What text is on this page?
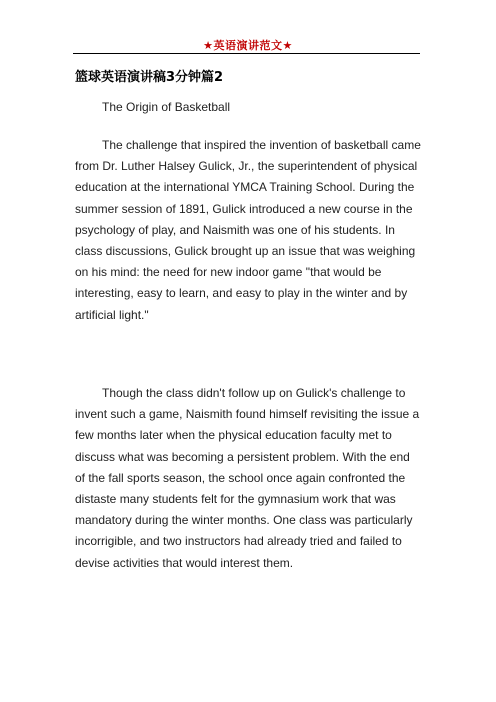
★英语演讲范文★
篮球英语演讲稿3分钟篇2
The Origin of Basketball

The challenge that inspired the invention of basketball came from Dr. Luther Halsey Gulick, Jr., the superintendent of physical education at the international YMCA Training School. During the summer session of 1891, Gulick introduced a new course in the psychology of play, and Naismith was one of his students. In class discussions, Gulick brought up an issue that was weighing on his mind: the need for new indoor game "that would be interesting, easy to learn, and easy to play in the winter and by artificial light."

Though the class didn't follow up on Gulick's challenge to invent such a game, Naismith found himself revisiting the issue a few months later when the physical education faculty met to discuss what was becoming a persistent problem. With the end of the fall sports season, the school once again confronted the distaste many students felt for the gymnasium work that was mandatory during the winter months. One class was particularly incorrigible, and two instructors had already tried and failed to devise activities that would interest them.
